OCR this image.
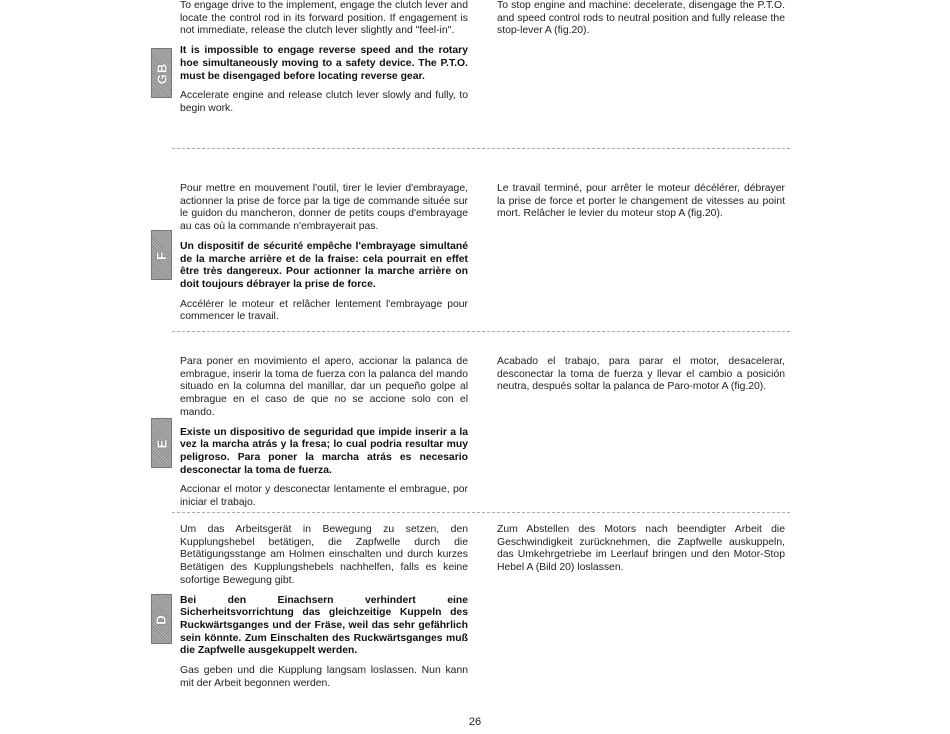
To engage drive to the implement, engage the clutch lever and locate the control rod in its forward position. If engagement is not immediate, release the clutch lever slightly and "feel-in".

It is impossible to engage reverse speed and the rotary hoe simultaneously moving to a safety device. The P.T.O. must be disengaged before locating reverse gear.

Accelerate engine and release clutch lever slowly and fully, to begin work.

GB

To stop engine and machine: decelerate, disengage the P.T.O. and speed control rods to neutral position and fully release the stop-lever A (fig.20).

Pour mettre en mouvement l'outil, tirer le levier d'embrayage, actionner la prise de force par la tige de commande située sur le guidon du mancheron, donner de petits coups d'embrayage au cas où la commande n'embrayerait pas.

Un dispositif de sécurité empêche l'embrayage simultané de la marche arrière et de la fraise: cela pourrait en effet être très dangereux. Pour actionner la marche arrière on doit toujours débrayer la prise de force.

Accélérer le moteur et relâcher lentement l'embrayage pour commencer le travail.

F

Le travail terminé, pour arrêter le moteur décélérer, débrayer la prise de force et porter le changement de vitesses au point mort. Relâcher le levier du moteur stop A (fig.20).

Para poner en movimiento el apero, accionar la palanca de embrague, inserir la toma de fuerza con la palanca del mando situado en la columna del manillar, dar un pequeño golpe al embrague en el caso de que no se accione solo con el mando.

Existe un dispositivo de seguridad que impide inserir a la vez la marcha atrás y la fresa; lo cual podria resultar muy peligroso. Para poner la marcha atrás es necesario desconectar la toma de fuerza.

Accionar el motor y desconectar lentamente el embrague, por iniciar el trabajo.

E

Acabado el trabajo, para parar el motor, desacelerar, desconectar la toma de fuerza y llevar el cambio a posición neutra, después soltar la palanca de Paro-motor A (fig.20).

Um das Arbeitsgerät in Bewegung zu setzen, den Kupplungshebel betätigen, die Zapfwelle durch die Betätigungsstange am Holmen einschalten und durch kurzes Betätigen des Kupplungshebels nachhelfen, falls es keine sofortige Bewegung gibt.

Bei den Einachsern verhindert eine Sicherheitsvorrichtung das gleichzeitige Kuppeln des Ruckwärtsganges und der Fräse, weil das sehr gefährlich sein könnte. Zum Einschalten des Ruckwärtsganges muß die Zapfwelle ausgekuppelt werden.

Gas geben und die Kupplung langsam loslassen. Nun kann mit der Arbeit begonnen werden.

D

Zum Abstellen des Motors nach beendigter Arbeit die Geschwindigkeit zurücknehmen, die Zapfwelle auskuppeln, das Umkehrgetriebe im Leerlauf bringen und den Motor-Stop Hebel A (Bild 20) loslassen.

26
